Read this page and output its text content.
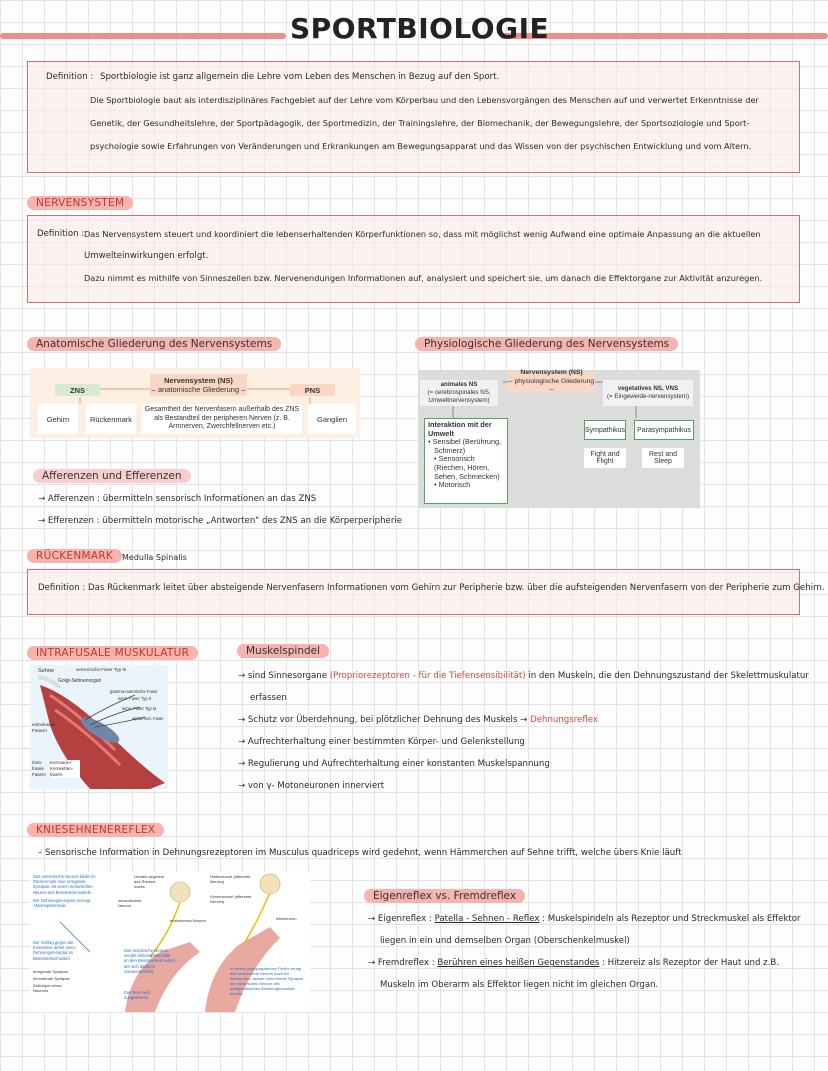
SPORTBIOLOGIE
Definition : Sportbiologie ist ganz allgemein die Lehre vom Leben des Menschen in Bezug auf den Sport.
Die Sportbiologie baut als interdisziplinäres Fachgebiet auf der Lehre vom Körperbau und den Lebensvorgängen des Menschen auf und verwertet Erkenntnisse der
Genetik, der Gesundheitslehre, der Sportpädagogik, der Sportmedizin, der Trainingslehre, der Biomechanik, der Bewegungslehre, der Sportsoziologie und Sport-
psychologie sowie Erfahrungen von Veränderungen und Erkrankungen am Bewegungsapparat und das Wissen von der psychischen Entwicklung und vom Altern.
NERVENSYSTEM
Definition : Das Nervensystem steuert und koordiniert die lebenserhaltenden Körperfunktionen so, dass mit möglichst wenig Aufwand eine optimale Anpassung an die aktuellen
Umwelteinwirkungen erfolgt.
Dazu nimmt es mithilfe von Sinneszellen bzw. Nervenendungen Informationen auf, analysiert und speichert sie, um danach die Effektorgane zur Aktivität anzuregen.
Anatomische Gliederung des Nervensystems
Nervensystem (NS)
– anatomische Gliederung –
ZNS	PNS
Gehirn	Rückenmark
Gesamtheit der Nervenfasern außerhalb des ZNS als Bestandteil der peripheren Nerven (z. B. Armnerven, Zwerchfellnerven etc.)
Ganglien
Physiologische Gliederung des Nervensystems
Nervensystem (NS)
– physiologische Gliederung –
animales NS
(= cerebrospinales NS, Umweltnervensystem)
vegetatives NS, VNS
(= Eingeweide-nervensystem)
Interaktion mit der Umwelt
• Sensibel (Berührung, Schmerz)
• Sensorisch (Riechen, Hören, Sehen, Schmecken)
• Motorisch
Sympathikus	Parasympathikus
Fight and Flight
Rest and Sleep
Afferenzen und Efferenzen
→ Afferenzen : übermitteln sensorisch Informationen an das ZNS
→ Efferenzen : übermitteln motorische „Antworten" des ZNS an die Körperperipherie
RÜCKENMARK	Medulla Spinalis
Definition : Das Rückenmark leitet über absteigende Nervenfasern Informationen vom Gehirn zur Peripherie bzw. über die aufsteigenden Nervenfasern von der Peripherie zum Gehirn.
INTRAFUSALE MUSKULATUR
Sehne	sensorische Faser Typ Ib
Golgi-Sehnenorgan
gamma-motorische Faser
sens. Faser Typ II
sens. Faser Typ Ia
alpha-mot. Faser
extrafusale Fasern
intra-fusale Fasern
Kernsack-/ Kernketten-fasern
Muskelspindel
→ sind Sinnesorgane (Propriorezeptoren - für die Tiefensensibilität) in den Muskeln, die den Dehnungszustand der Skelettmuskulatur
erfassen
→ Schutz vor Überdehnung, bei plötzlicher Dehnung des Muskels → Dehnungsreflex
→ Aufrechterhaltung einer bestimmten Körper- und Gelenkstellung
→ Regulierung und Aufrechterhaltung einer konstanten Muskelspannung
→ von γ- Motoneuronen innerviert
KNIESEHNENEREFLEX
– Sensorische Information in Dehnungsrezeptoren im Musculus quadriceps wird gedehnt, wenn Hämmerchen auf Sehne trifft, welche übers Knie läuft
Das sensorische Neuron bildet im Rückenmark eine erregende Synapse mit einem motorischen Neuron des Beinstreckmuskels.
Der Dehnungsrezeptor erzeugt Aktionspotenziale.
Der Schlag gegen die Kniesehne dehnt einen Dehnungsrezeptor im Beinstreckermuskel.
Das motorische Neuron sendet Aktionspotenziale an den Beinstreckermuskel, der sich dadurch zusammenzieht.
In einem polysynaptischen Reflex erregt das sensorische Neuron auch ein Interneuron, dessen hemmende Synapse ein motorisches Neuron des antagonistischen Beinbeugemuskels hemmt.
Das Bein wird ausgestreckt.
erregende Synapse
hemmende Synapse
Zellkörper eines Neurons
Lenden-segment des Rücken-marks
Hinterwurzel (afferente Nerven)
Vorderwurzel (efferente Nerven)
sensorisches Neuron
motorisches Neuron	Interneuron
Eigenreflex vs. Fremdreflex
→ Eigenreflex : Patella - Sehnen - Reflex : Muskelspindeln als Rezeptor und Streckmuskel als Effektor
liegen in ein und demselben Organ (Oberschenkelmuskel)
→ Fremdreflex : Berühren eines heißen Gegenstandes : Hitzereiz als Rezeptor der Haut und z.B.
Muskeln im Oberarm als Effektor liegen nicht im gleichen Organ.
